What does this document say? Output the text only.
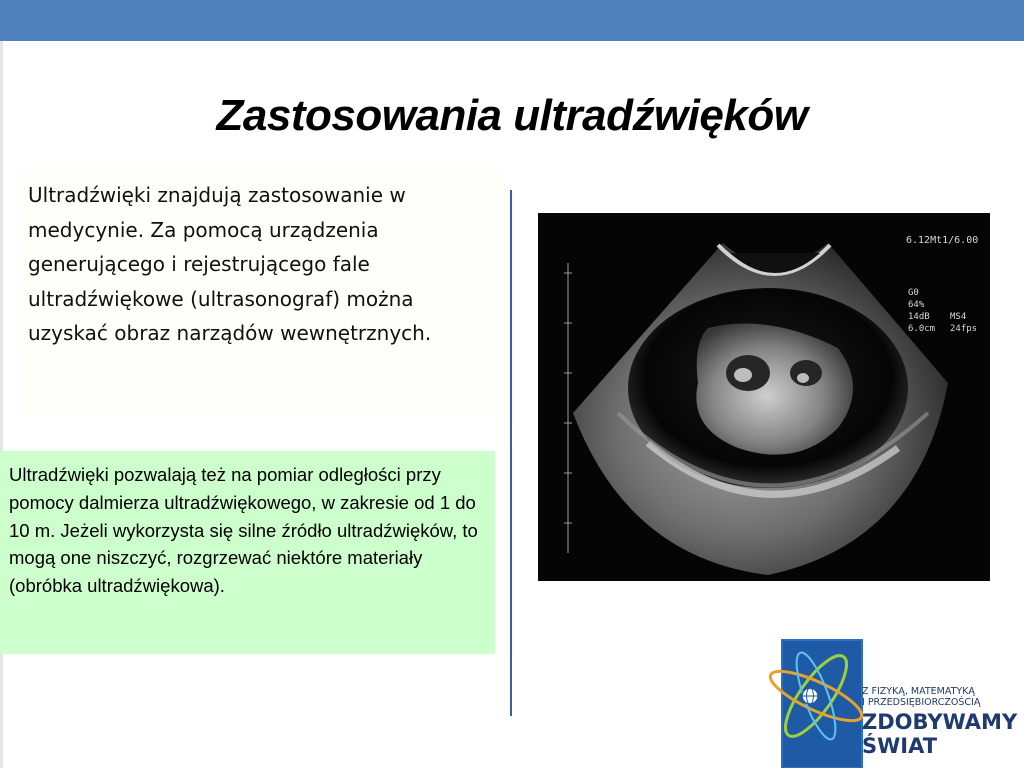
Zastosowania ultradźwięków

Ultradźwięki znajdują zastosowanie w medycynie. Za pomocą urządzenia generującego i rejestrującego fale ultradźwiękowe (ultrasonograf) można uzyskać obraz narządów wewnętrznych.

Ultradźwięki pozwalają też na pomiar odległości przy pomocy dalmierza ultradźwiękowego, w zakresie od 1 do 10 m. Jeżeli wykorzysta się silne źródło ultradźwięków, to mogą one niszczyć, rozgrzewać niektóre materiały (obróbka ultradźwiękowa).

6.12Mt1/6.00
G0
64%
14dB
6.0cm
MS4
24fps
Z FIZYKĄ, MATEMATYKĄ
I PRZEDSIĘBIORCZOŚCIĄ
ZDOBYWAMY
ŚWIAT
